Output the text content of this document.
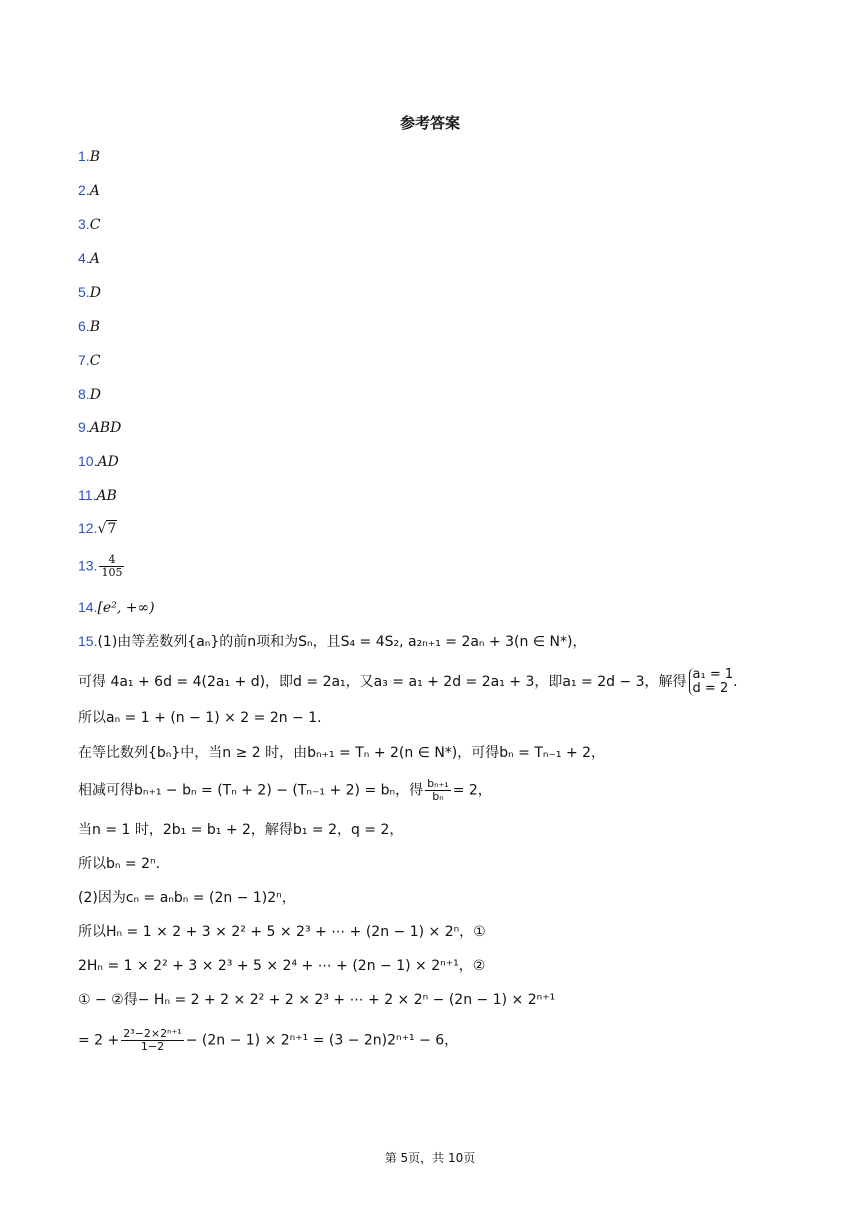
参考答案
1.B
2.A
3.C
4.A
5.D
6.B
7.C
8.D
9.ABD
10.AD
11.AB
12.√7
13. $\frac{4}{105}$
14.[e², +∞)
15.(1)由等差数列{aₙ}的前n项和为Sₙ，且S₄ = 4S₂, a₂ₙ₊₁ = 2aₙ + 3(n ∈ N*)，
可得 4a₁ + 6d = 4(2a₁ + d)，即d = 2a₁，又a₃ = a₁ + 2d = 2a₁ + 3，即a₁ = 2d − 3，解得 a₁ = 1
d = 2 .
所以aₙ = 1 + (n − 1) × 2 = 2n − 1.
在等比数列{bₙ}中，当n ≥ 2 时，由bₙ₊₁ = Tₙ + 2(n ∈ N*)，可得bₙ = Tₙ₋₁ + 2，
相减可得bₙ₊₁ − bₙ = (Tₙ + 2) − (Tₙ₋₁ + 2) = bₙ，得 $\frac{\text{bₙ₊₁}}{\text{bₙ}} = 2$，
当n = 1 时，2b₁ = b₁ + 2，解得b₁ = 2，q = 2，
所以bₙ = 2ⁿ.
(2)因为cₙ = aₙbₙ = (2n − 1)2ⁿ，
所以Hₙ = 1 × 2 + 3 × 2² + 5 × 2³ + ⋯ + (2n − 1) × 2ⁿ，①
2Hₙ = 1 × 2² + 3 × 2³ + 5 × 2⁴ + ⋯ + (2n − 1) × 2ⁿ⁺¹，②
① − ②得− Hₙ = 2 + 2 × 2² + 2 × 2³ + ⋯ + 2 × 2ⁿ − (2n − 1) × 2ⁿ⁺¹
= $2 + \frac{\text{2³−2×2ⁿ⁺¹}}{1-2} - (2n - 1) \times 2^{n+1} = (3 - 2n)2^{n+1} - 6$，
第 5页，共 10页
